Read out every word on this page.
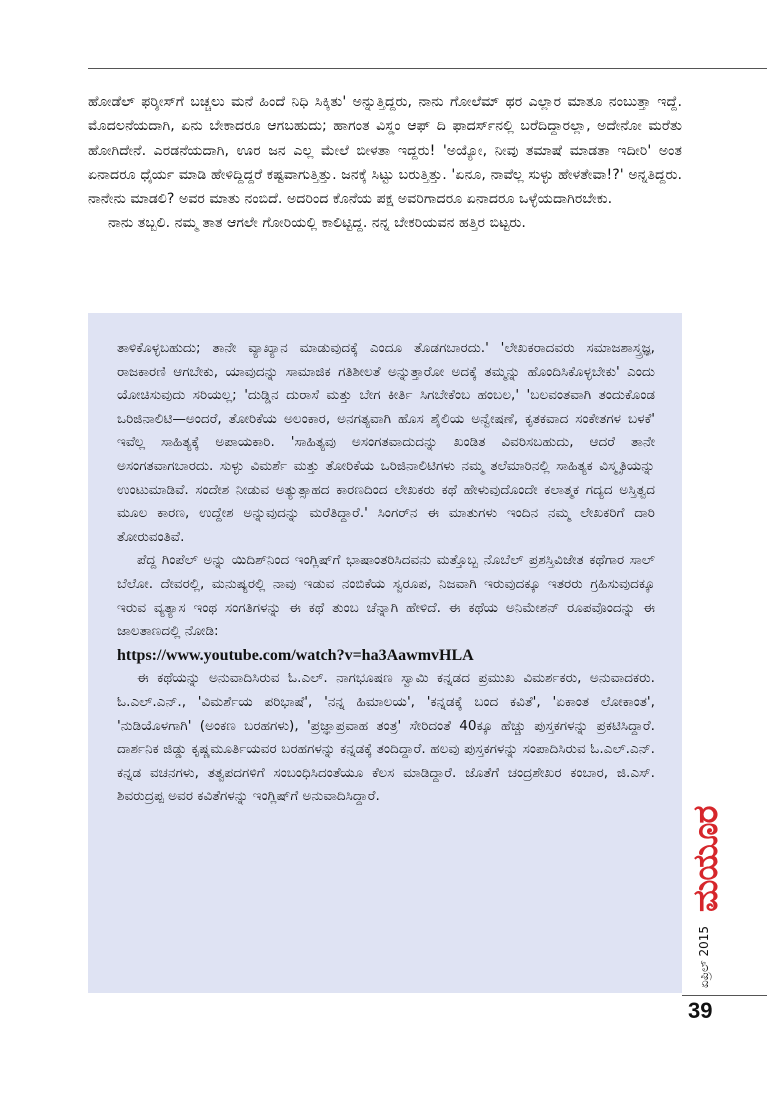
ಹೋಡೆಲ್ ಫರ್‍ಶೀಸ್‌ಗೆ ಬಚ್ಚಲು ಮನೆ ಹಿಂದೆ ನಿಧಿ ಸಿಕ್ಕಿತು' ಅನ್ನುತ್ತಿದ್ದರು, ನಾನು ಗೋಲೆಮ್ ಥರ ಎಲ್ಲಾರ ಮಾತೂ ನಂಬುತ್ತಾ ಇದ್ದೆ. ಮೊದಲನೆಯದಾಗಿ, ಏನು ಬೇಕಾದರೂ ಆಗಬಹುದು; ಹಾಗಂತ ವಿಸ್ಡಂ ಆಫ್ ದಿ ಫಾದರ್ಸ್‌ನಲ್ಲಿ ಬರೆದಿದ್ದಾರಲ್ಲಾ, ಅದೇನೋ ಮರೆತು ಹೋಗಿದೇನೆ. ಎರಡನೆಯದಾಗಿ, ಊರ ಜನ ಎಲ್ಲ ಮೇಲೆ ಬೀಳತಾ ಇದ್ದರು! 'ಅಯ್ಯೋ, ನೀವು ತಮಾಷೆ ಮಾಡತಾ ಇದೀರಿ' ಅಂತ ಏನಾದರೂ ಧೈರ್ಯ ಮಾಡಿ ಹೇಳಿದ್ದಿದ್ದರೆ ಕಷ್ಟವಾಗುತ್ತಿತ್ತು. ಜನಕ್ಕೆ ಸಿಟ್ಟು ಬರುತ್ತಿತ್ತು. 'ಏನೂ, ನಾವೆಲ್ಲ ಸುಳ್ಳು ಹೇಳತೇವಾ!?' ಅನ್ನತಿದ್ದರು. ನಾನೇನು ಮಾಡಲಿ? ಅವರ ಮಾತು ನಂಬಿದೆ. ಅದರಿಂದ ಕೊನೆಯ ಪಕ್ಷ ಅವರಿಗಾದರೂ ಏನಾದರೂ ಒಳ್ಳೆಯದಾಗಿರಬೇಕು.

ನಾನು ತಬ್ಬಲಿ. ನಮ್ಮ ತಾತ ಆಗಲೇ ಗೋರಿಯಲ್ಲಿ ಕಾಲಿಟ್ಟಿದ್ದ. ನನ್ನ ಬೇಕರಿಯವನ ಹತ್ತಿರ ಬಿಟ್ಟರು.

ತಾಳಿಕೊಳ್ಳಬಹುದು; ತಾನೇ ವ್ಯಾಖ್ಯಾನ ಮಾಡುವುದಕ್ಕೆ ಎಂದೂ ತೊಡಗಬಾರದು.' 'ಲೇಖಕರಾದವರು ಸಮಾಜಶಾಸ್ತ್ರಜ್ಞ, ರಾಜಕಾರಣಿ ಆಗಬೇಕು, ಯಾವುದನ್ನು ಸಾಮಾಜಿಕ ಗತಿಶೀಲತೆ ಅನ್ನುತ್ತಾರೋ ಅದಕ್ಕೆ ತಮ್ಮನ್ನು ಹೊಂದಿಸಿಕೊಳ್ಳಬೇಕು' ಎಂದು ಯೋಚಿಸುವುದು ಸರಿಯಲ್ಲ; 'ದುಡ್ಡಿನ ದುರಾಸೆ ಮತ್ತು ಬೇಗ ಕೀರ್ತಿ ಸಿಗಬೇಕೆಂಬ ಹಂಬಲ,' 'ಬಲವಂತವಾಗಿ ತಂದುಕೊಂಡ ಒರಿಜಿನಾಲಿಟಿ—ಅಂದರೆ, ತೋರಿಕೆಯ ಅಲಂಕಾರ, ಅನಗತ್ಯವಾಗಿ ಹೊಸ ಶೈಲಿಯ ಅನ್ವೇಷಣೆ, ಕೃತಕವಾದ ಸಂಕೇತಗಳ ಬಳಕೆ' ಇವೆಲ್ಲ ಸಾಹಿತ್ಯಕ್ಕೆ ಅಪಾಯಕಾರಿ. 'ಸಾಹಿತ್ಯವು ಅಸಂಗತವಾದುದನ್ನು ಖಂಡಿತ ವಿವರಿಸಬಹುದು, ಆದರೆ ತಾನೇ ಅಸಂಗತವಾಗಬಾರದು. ಸುಳ್ಳು ವಿಮರ್ಶೆ ಮತ್ತು ತೋರಿಕೆಯ ಒರಿಜಿನಾಲಿಟಿಗಳು ನಮ್ಮ ತಲೆಮಾರಿನಲ್ಲಿ ಸಾಹಿತ್ಯಕ ವಿಸ್ಮೃತಿಯನ್ನು ಉಂಟುಮಾಡಿವೆ. ಸಂದೇಶ ನೀಡುವ ಅತ್ಯುತ್ಸಾಹದ ಕಾರಣದಿಂದ ಲೇಖಕರು ಕಥೆ ಹೇಳುವುದೊಂದೇ ಕಲಾತ್ಮಕ ಗದ್ಯದ ಅಸ್ತಿತ್ವದ ಮೂಲ ಕಾರಣ, ಉದ್ದೇಶ ಅನ್ನುವುದನ್ನು ಮರೆತಿದ್ದಾರೆ.' ಸಿಂಗರ್‌ನ ಈ ಮಾತುಗಳು ಇಂದಿನ ನಮ್ಮ ಲೇಖಕರಿಗೆ ದಾರಿ ತೋರುವಂತಿವೆ.

ಪೆದ್ದ ಗಿಂಪೆಲ್ ಅನ್ನು ಯಿದಿಶ್‌ನಿಂದ ಇಂಗ್ಲಿಷ್‌ಗೆ ಭಾಷಾಂತರಿಸಿದವನು ಮತ್ತೊಬ್ಬ ನೊಬೆಲ್ ಪ್ರಶಸ್ತಿವಿಜೇತ ಕಥೆಗಾರ ಸಾಲ್ ಬೆಲೋ. ದೇವರಲ್ಲಿ, ಮನುಷ್ಯರಲ್ಲಿ ನಾವು ಇಡುವ ನಂಬಿಕೆಯ ಸ್ವರೂಪ, ನಿಜವಾಗಿ ಇರುವುದಕ್ಕೂ ಇತರರು ಗ್ರಹಿಸುವುದಕ್ಕೂ ಇರುವ ವ್ಯತ್ಯಾಸ ಇಂಥ ಸಂಗತಿಗಳನ್ನು ಈ ಕಥೆ ತುಂಬ ಚೆನ್ನಾಗಿ ಹೇಳಿದೆ. ಈ ಕಥೆಯ ಅನಿಮೇಶನ್ ರೂಪವೊಂದನ್ನು ಈ ಜಾಲತಾಣದಲ್ಲಿ ನೋಡಿ:

https://www.youtube.com/watch?v=ha3AawmvHLA

ಈ ಕಥೆಯನ್ನು ಅನುವಾದಿಸಿರುವ ಓ.ಎಲ್. ನಾಗಭೂಷಣ ಸ್ವಾಮಿ ಕನ್ನಡದ ಪ್ರಮುಖ ವಿಮರ್ಶಕರು, ಅನುವಾದಕರು. ಓ.ಎಲ್.ಎನ್., 'ವಿಮರ್ಶೆಯ ಪರಿಭಾಷೆ', 'ನನ್ನ ಹಿಮಾಲಯ', 'ಕನ್ನಡಕ್ಕೆ ಬಂದ ಕವಿತೆ', 'ಏಕಾಂತ ಲೋಕಾಂತ', 'ನುಡಿಯೊಳಗಾಗಿ' (ಅಂಕಣ ಬರಹಗಳು), 'ಪ್ರಜ್ಞಾಪ್ರವಾಹ ತಂತ್ರ' ಸೇರಿದಂತೆ 40ಕ್ಕೂ ಹೆಚ್ಚು ಪುಸ್ತಕಗಳನ್ನು ಪ್ರಕಟಿಸಿದ್ದಾರೆ. ದಾರ್ಶನಿಕ ಜಿಡ್ಡು ಕೃಷ್ಣಮೂರ್ತಿಯವರ ಬರಹಗಳನ್ನು ಕನ್ನಡಕ್ಕೆ ತಂದಿದ್ದಾರೆ. ಹಲವು ಪುಸ್ತಕಗಳನ್ನು ಸಂಪಾದಿಸಿರುವ ಓ.ಎಲ್.ಎನ್. ಕನ್ನಡ ವಚನಗಳು, ತತ್ವಪದಗಳಿಗೆ ಸಂಬಂಧಿಸಿದಂತೆಯೂ ಕೆಲಸ ಮಾಡಿದ್ದಾರೆ. ಜೊತೆಗೆ ಚಂದ್ರಶೇಖರ ಕಂಬಾರ, ಜಿ.ಎಸ್. ಶಿವರುದ್ರಪ್ಪ ಅವರ ಕವಿತೆಗಳನ್ನು ಇಂಗ್ಲಿಷ್‌ಗೆ ಅನುವಾದಿಸಿದ್ದಾರೆ.

ಮಯೂರ
ಏಪ್ರಿಲ್ 2015
39
